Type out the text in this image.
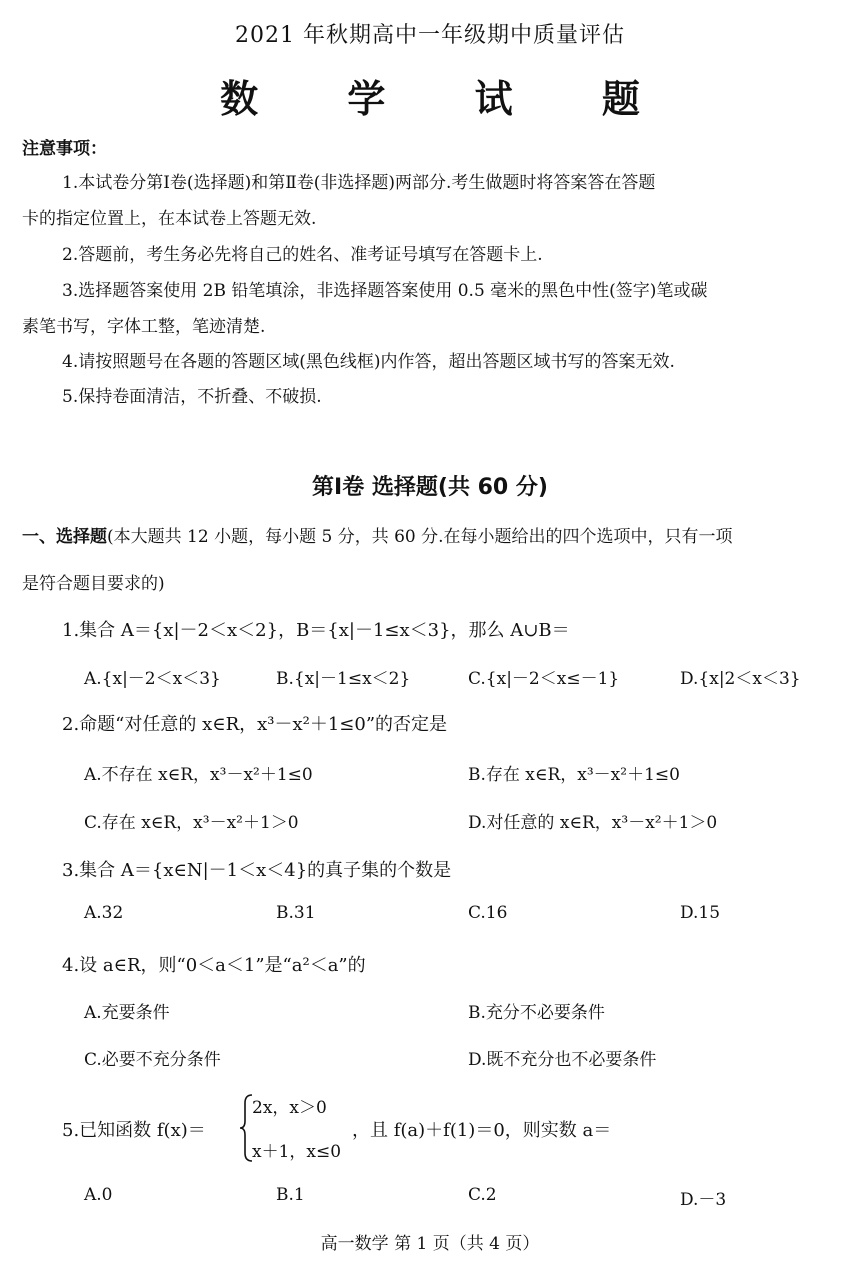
2021 年秋期高中一年级期中质量评估
数 学 试 题
注意事项：
1.本试卷分第Ⅰ卷(选择题)和第Ⅱ卷(非选择题)两部分.考生做题时将答案答在答题
卡的指定位置上，在本试卷上答题无效.
2.答题前，考生务必先将自己的姓名、准考证号填写在答题卡上.
3.选择题答案使用 2B 铅笔填涂，非选择题答案使用 0.5 毫米的黑色中性(签字)笔或碳
素笔书写，字体工整，笔迹清楚.
4.请按照题号在各题的答题区域(黑色线框)内作答，超出答题区域书写的答案无效.
5.保持卷面清洁，不折叠、不破损.
第Ⅰ卷 选择题(共 60 分)
一、选择题(本大题共 12 小题，每小题 5 分，共 60 分.在每小题给出的四个选项中，只有一项
是符合题目要求的)
1.集合 A＝{x|－2＜x＜2}，B＝{x|－1≤x＜3}，那么 A∪B＝
A.{x|－2＜x＜3}	B.{x|－1≤x＜2}	C.{x|－2＜x≤－1}	D.{x|2＜x＜3}
2.命题“对任意的 x∈R，x³－x²＋1≤0”的否定是
A.不存在 x∈R，x³－x²＋1≤0	B.存在 x∈R，x³－x²＋1≤0
C.存在 x∈R，x³－x²＋1＞0	D.对任意的 x∈R，x³－x²＋1＞0
3.集合 A＝{x∈N|－1＜x＜4}的真子集的个数是
A.32	B.31	C.16	D.15
4.设 a∈R，则“0＜a＜1”是“a²＜a”的
A.充要条件	B.充分不必要条件
C.必要不充分条件	D.既不充分也不必要条件
5.已知函数 f(x)＝
2x，x＞0
x＋1，x≤0
，且 f(a)＋f(1)＝0，则实数 a＝
A.0	B.1	C.2	D.－3
高一数学 第 1 页（共 4 页）
